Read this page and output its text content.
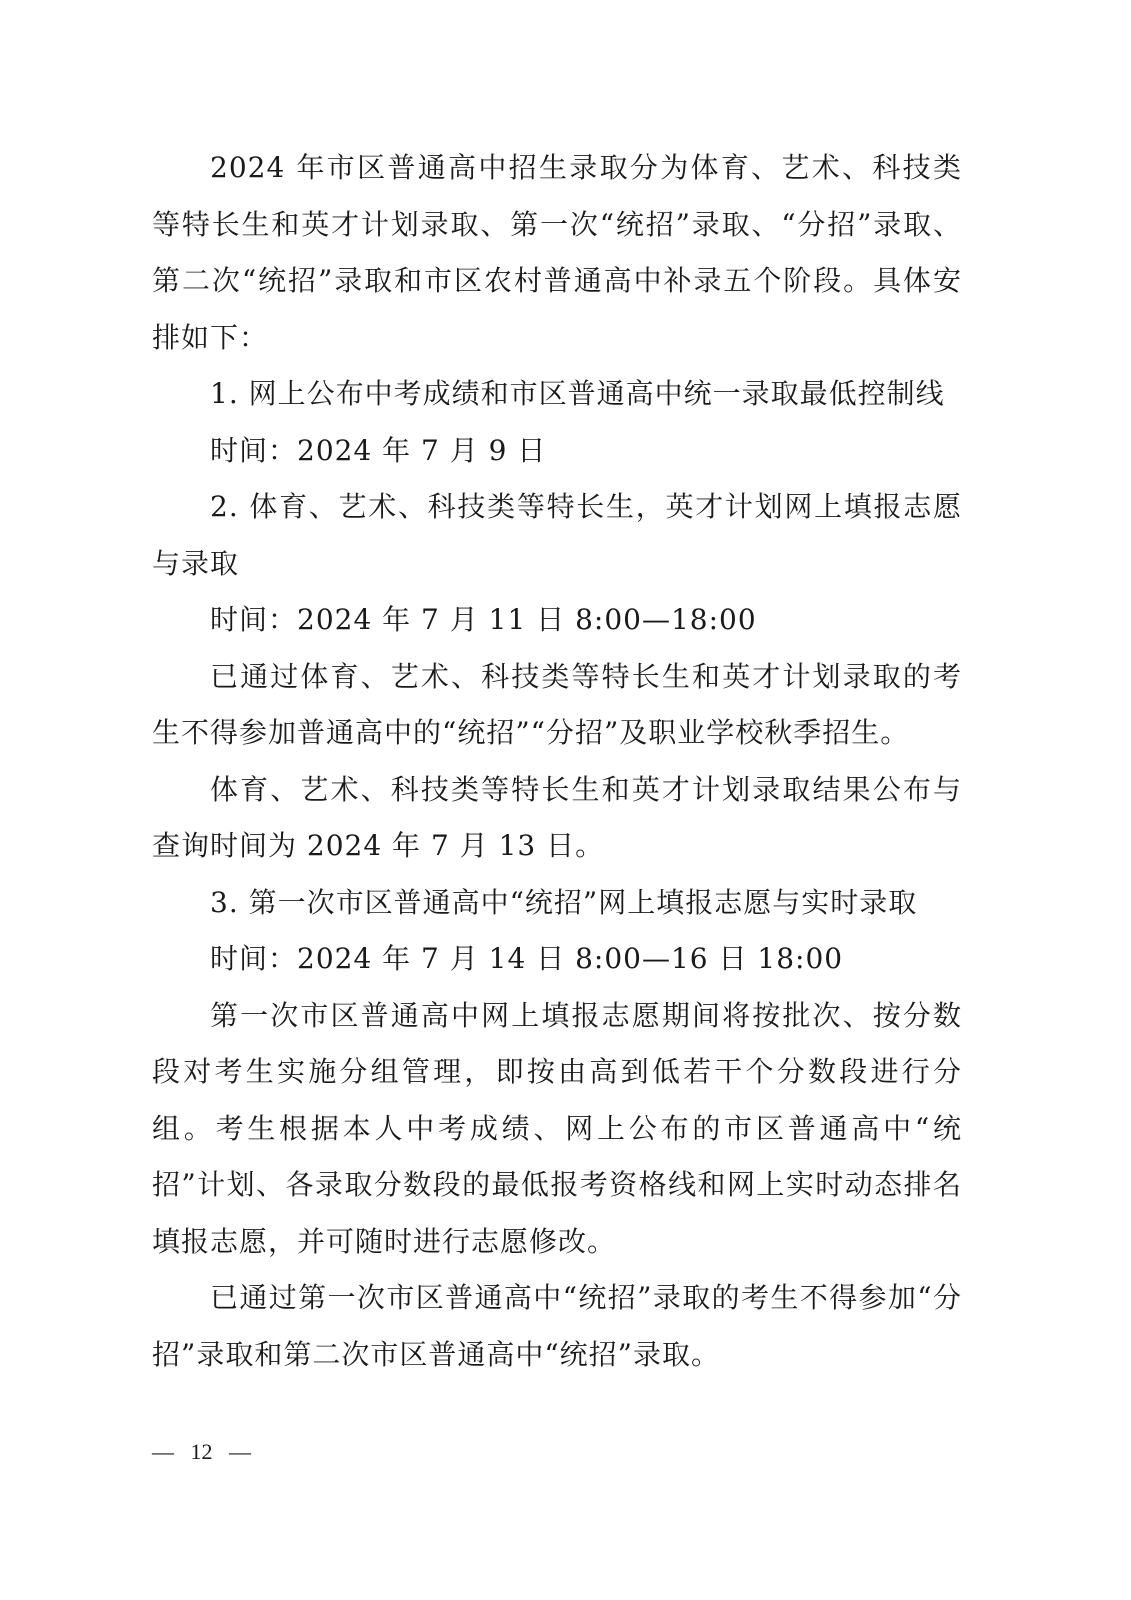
2024 年市区普通高中招生录取分为体育、艺术、科技类等特长生和英才计划录取、第一次“统招”录取、“分招”录取、第二次“统招”录取和市区农村普通高中补录五个阶段。具体安排如下：

1. 网上公布中考成绩和市区普通高中统一录取最低控制线

时间：2024 年 7 月 9 日

2. 体育、艺术、科技类等特长生，英才计划网上填报志愿与录取

时间：2024 年 7 月 11 日 8:00—18:00

已通过体育、艺术、科技类等特长生和英才计划录取的考生不得参加普通高中的“统招”“分招”及职业学校秋季招生。

体育、艺术、科技类等特长生和英才计划录取结果公布与查询时间为 2024 年 7 月 13 日。

3. 第一次市区普通高中“统招”网上填报志愿与实时录取

时间：2024 年 7 月 14 日 8:00—16 日 18:00

第一次市区普通高中网上填报志愿期间将按批次、按分数段对考生实施分组管理，即按由高到低若干个分数段进行分组。考生根据本人中考成绩、网上公布的市区普通高中“统招”计划、各录取分数段的最低报考资格线和网上实时动态排名填报志愿，并可随时进行志愿修改。

已通过第一次市区普通高中“统招”录取的考生不得参加“分招”录取和第二次市区普通高中“统招”录取。

—   12   —
